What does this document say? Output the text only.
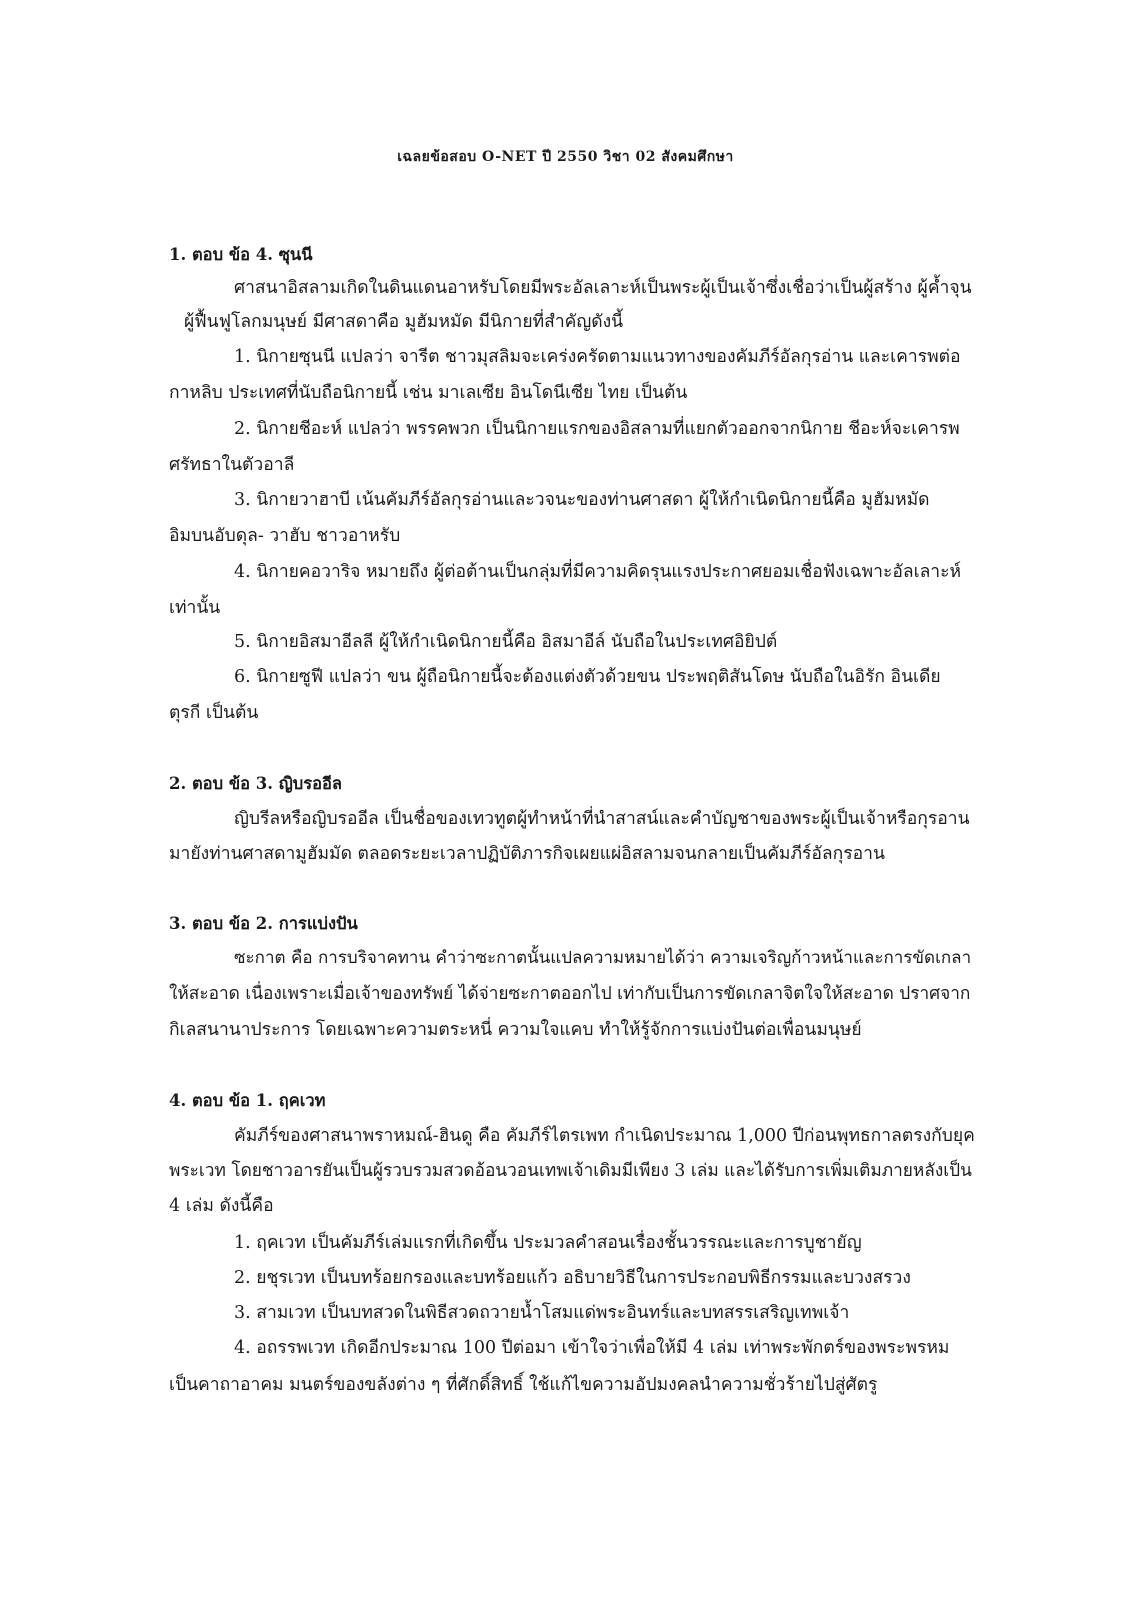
เฉลยข้อสอบ O-NET ปี 2550 วิชา 02 สังคมศึกษา
1. ตอบ ข้อ 4. ซุนนี
ศาสนาอิสลามเกิดในดินแดนอาหรับโดยมีพระอัลเลาะห์เป็นพระผู้เป็นเจ้าซึ่งเชื่อว่าเป็นผู้สร้าง ผู้ค้ำจุน
ผู้ฟื้นฟูโลกมนุษย์ มีศาสดาคือ มูฮัมหมัด มีนิกายที่สำคัญดังนี้
1. นิกายซุนนี แปลว่า จารีต ชาวมุสลิมจะเคร่งครัดตามแนวทางของคัมภีร์อัลกุรอ่าน และเคารพต่อ
กาหลิบ ประเทศที่นับถือนิกายนี้ เช่น มาเลเซีย อินโดนีเซีย ไทย เป็นต้น
2. นิกายชีอะห์ แปลว่า พรรคพวก เป็นนิกายแรกของอิสลามที่แยกตัวออกจากนิกาย ชีอะห์จะเคารพ
ศรัทธาในตัวอาลี
3. นิกายวาฮาบี เน้นคัมภีร์อัลกุรอ่านและวจนะของท่านศาสดา ผู้ให้กำเนิดนิกายนี้คือ มูฮัมหมัด
อิมบนอับดุล- วาฮับ ชาวอาหรับ
4. นิกายคอวาริจ หมายถึง ผู้ต่อต้านเป็นกลุ่มที่มีความคิดรุนแรงประกาศยอมเชื่อฟังเฉพาะอัลเลาะห์
เท่านั้น
5. นิกายอิสมาอีลลี ผู้ให้กำเนิดนิกายนี้คือ อิสมาอีล์ นับถือในประเทศอิยิปต์
6. นิกายซูฟี แปลว่า ขน ผู้ถือนิกายนี้จะต้องแต่งตัวด้วยขน ประพฤติสันโดษ นับถือในอิรัก อินเดีย
ตุรกี เป็นต้น
2. ตอบ ข้อ 3. ญิบรออีล
ญิบรีลหรือญิบรออีล เป็นชื่อของเทวทูตผู้ทำหน้าที่นำสาสน์และคำบัญชาของพระผู้เป็นเจ้าหรือกุรอาน
มายังท่านศาสดามูฮัมมัด ตลอดระยะเวลาปฏิบัติภารกิจเผยแผ่อิสลามจนกลายเป็นคัมภีร์อัลกุรอาน
3. ตอบ ข้อ 2. การแบ่งปัน
ซะกาต คือ การบริจาคทาน คำว่าซะกาตนั้นแปลความหมายได้ว่า ความเจริญก้าวหน้าและการขัดเกลา
ให้สะอาด เนื่องเพราะเมื่อเจ้าของทรัพย์ ได้จ่ายซะกาตออกไป เท่ากับเป็นการขัดเกลาจิตใจให้สะอาด ปราศจาก
กิเลสนานาประการ โดยเฉพาะความตระหนี่ ความใจแคบ ทำให้รู้จักการแบ่งปันต่อเพื่อนมนุษย์
4. ตอบ ข้อ 1. ฤคเวท
คัมภีร์ของศาสนาพราหมณ์-ฮินดู คือ คัมภีร์ไตรเพท กำเนิดประมาณ 1,000 ปีก่อนพุทธกาลตรงกับยุค
พระเวท โดยชาวอารยันเป็นผู้รวบรวมสวดอ้อนวอนเทพเจ้าเดิมมีเพียง 3 เล่ม และได้รับการเพิ่มเติมภายหลังเป็น
4 เล่ม ดังนี้คือ
1. ฤคเวท เป็นคัมภีร์เล่มแรกที่เกิดขึ้น ประมวลคำสอนเรื่องชั้นวรรณะและการบูชายัญ
2. ยชุรเวท เป็นบทร้อยกรองและบทร้อยแก้ว อธิบายวิธีในการประกอบพิธีกรรมและบวงสรวง
3. สามเวท เป็นบทสวดในพิธีสวดถวายน้ำโสมแด่พระอินทร์และบทสรรเสริญเทพเจ้า
4. อถรรพเวท เกิดอีกประมาณ 100 ปีต่อมา เข้าใจว่าเพื่อให้มี 4 เล่ม เท่าพระพักตร์ของพระพรหม
เป็นคาถาอาคม มนตร์ของขลังต่าง ๆ ที่ศักดิ์สิทธิ์ ใช้แก้ไขความอัปมงคลนำความชั่วร้ายไปสู่ศัตรู
